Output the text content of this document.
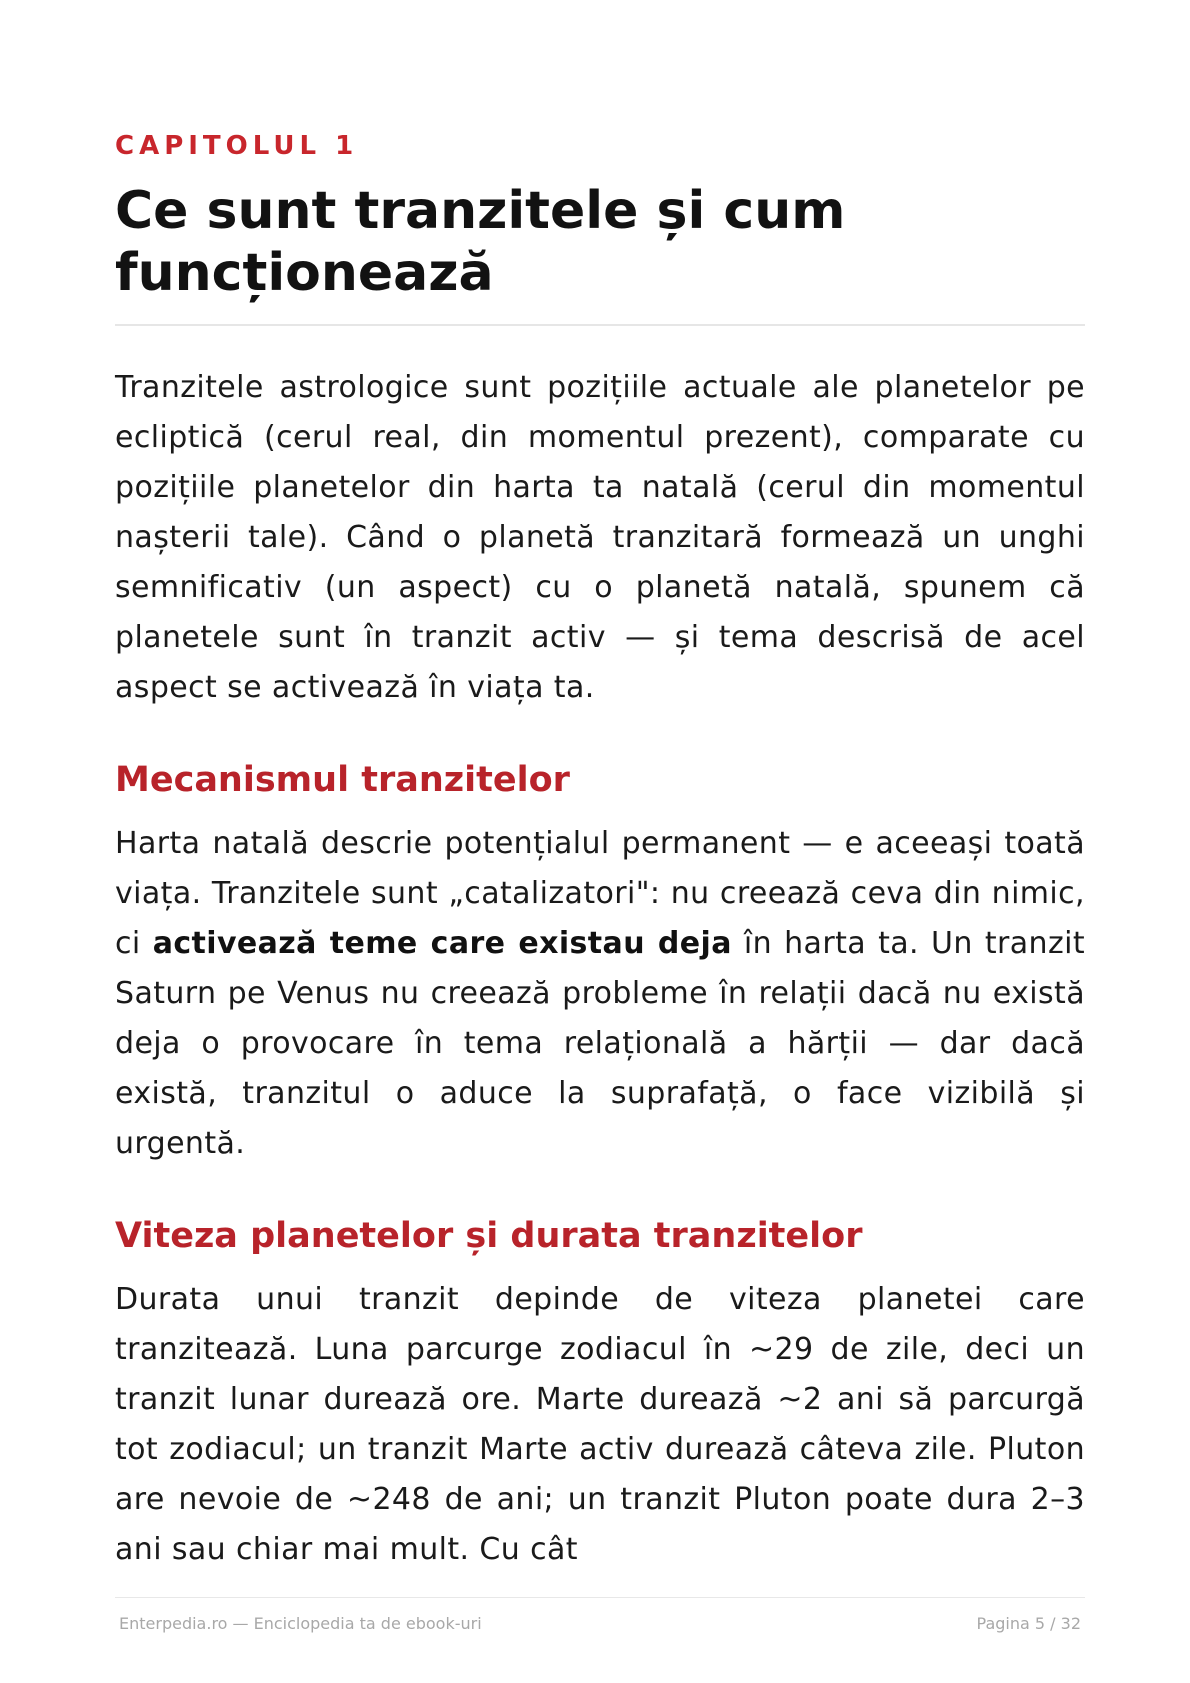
CAPITOLUL 1
Ce sunt tranzitele și cum funcționează

Tranzitele astrologice sunt pozițiile actuale ale planetelor pe ecliptică (cerul real, din momentul prezent), comparate cu pozițiile planetelor din harta ta natală (cerul din momentul nașterii tale). Când o planetă tranzitară formează un unghi semnificativ (un aspect) cu o planetă natală, spunem că planetele sunt în tranzit activ — și tema descrisă de acel aspect se activează în viața ta.

Mecanismul tranzitelor

Harta natală descrie potențialul permanent — e aceeași toată viața. Tranzitele sunt „catalizatori": nu creează ceva din nimic, ci activează teme care existau deja în harta ta. Un tranzit Saturn pe Venus nu creează probleme în relații dacă nu există deja o provocare în tema relațională a hărții — dar dacă există, tranzitul o aduce la suprafață, o face vizibilă și urgentă.

Viteza planetelor și durata tranzitelor

Durata unui tranzit depinde de viteza planetei care tranzitează. Luna parcurge zodiacul în ~29 de zile, deci un tranzit lunar durează ore. Marte durează ~2 ani să parcurgă tot zodiacul; un tranzit Marte activ durează câteva zile. Pluton are nevoie de ~248 de ani; un tranzit Pluton poate dura 2–3 ani sau chiar mai mult. Cu cât

Enterpedia.ro — Enciclopedia ta de ebook-uri	Pagina 5 / 32
